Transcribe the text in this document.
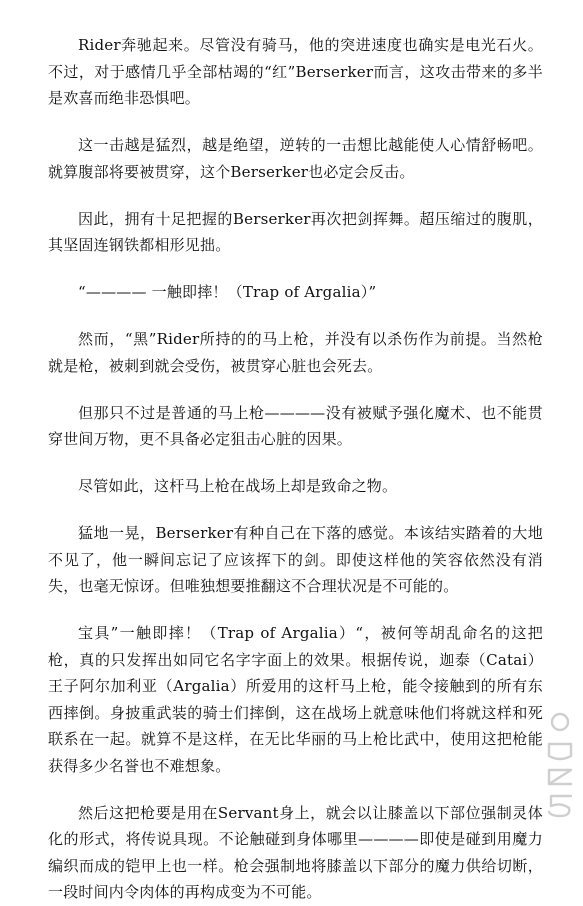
Rider奔驰起来。尽管没有骑马，他的突进速度也确实是电光石火。不过，对于感情几乎全部枯竭的“红”Berserker而言，这攻击带来的多半是欢喜而绝非恐惧吧。

这一击越是猛烈，越是绝望，逆转的一击想比越能使人心情舒畅吧。就算腹部将要被贯穿，这个Berserker也必定会反击。

因此，拥有十足把握的Berserker再次把剑挥舞。超压缩过的腹肌，其坚固连钢铁都相形见拙。

“———— 一触即摔！（Trap of Argalia）”

然而，“黑”Rider所持的的马上枪，并没有以杀伤作为前提。当然枪就是枪，被刺到就会受伤，被贯穿心脏也会死去。

但那只不过是普通的马上枪————没有被赋予强化魔术、也不能贯穿世间万物，更不具备必定狙击心脏的因果。

尽管如此，这杆马上枪在战场上却是致命之物。

猛地一晃，Berserker有种自己在下落的感觉。本该结实踏着的大地不见了，他一瞬间忘记了应该挥下的剑。即使这样他的笑容依然没有消失，也毫无惊讶。但唯独想要推翻这不合理状况是不可能的。

宝具”一触即摔！（Trap of Argalia）“，被何等胡乱命名的这把枪，真的只发挥出如同它名字字面上的效果。根据传说，迦泰（Catai）王子阿尔加利亚（Argalia）所爱用的这杆马上枪，能令接触到的所有东西摔倒。身披重武装的骑士们摔倒，这在战场上就意味他们将就这样和死联系在一起。就算不是这样，在无比华丽的马上枪比武中，使用这把枪能获得多少名誉也不难想象。

然后这把枪要是用在Servant身上，就会以让膝盖以下部位强制灵体化的形式，将传说具现。不论触碰到身体哪里————即使是碰到用魔力编织而成的铠甲上也一样。枪会强制地将膝盖以下部分的魔力供给切断，一段时间内令肉体的再构成变为不可能。
